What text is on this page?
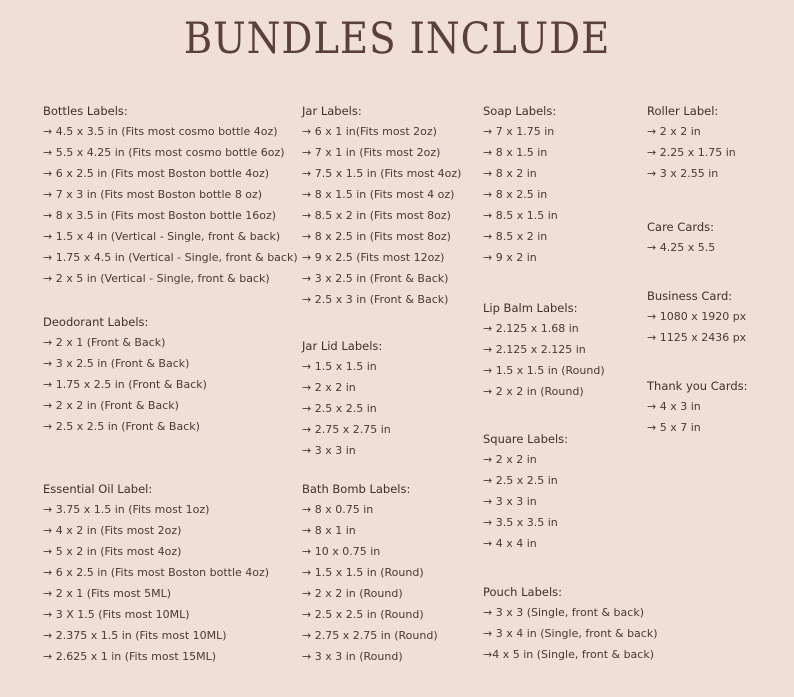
BUNDLES INCLUDE
Bottles Labels:
→ 4.5 x 3.5 in (Fits most cosmo bottle 4oz)
→ 5.5 x 4.25 in (Fits most cosmo bottle 6oz)
→ 6 x 2.5 in (Fits most Boston bottle 4oz)
→ 7 x 3 in (Fits most Boston bottle 8 oz)
→ 8 x 3.5 in (Fits most Boston bottle 16oz)
→ 1.5 x 4 in (Vertical - Single, front & back)
→ 1.75 x 4.5 in (Vertical - Single, front & back)
→ 2 x 5 in (Vertical - Single, front & back)
Deodorant Labels:
→ 2 x 1 (Front & Back)
→ 3 x 2.5 in (Front & Back)
→ 1.75 x 2.5 in (Front & Back)
→ 2 x 2 in (Front & Back)
→ 2.5 x 2.5 in (Front & Back)
Essential Oil Label:
→ 3.75 x 1.5 in (Fits most 1oz)
→ 4 x 2 in (Fits most 2oz)
→ 5 x 2 in (Fits most 4oz)
→ 6 x 2.5 in (Fits most Boston bottle 4oz)
→ 2 x 1 (Fits most 5ML)
→ 3 X 1.5 (Fits most 10ML)
→ 2.375 x 1.5 in (Fits most 10ML)
→ 2.625 x 1 in (Fits most 15ML)
Jar Labels:
→ 6 x 1 in(Fits most 2oz)
→ 7 x 1 in (Fits most 2oz)
→ 7.5 x 1.5 in (Fits most 4oz)
→ 8 x 1.5 in (Fits most 4 oz)
→ 8.5 x 2 in (Fits most 8oz)
→ 8 x 2.5 in (Fits most 8oz)
→ 9 x 2.5 (Fits most 12oz)
→ 3 x 2.5 in (Front & Back)
→ 2.5 x 3 in (Front & Back)
Jar Lid Labels:
→ 1.5 x 1.5 in
→ 2 x 2 in
→ 2.5 x 2.5 in
→ 2.75 x 2.75 in
→ 3 x 3 in
Bath Bomb Labels:
→ 8 x 0.75 in
→ 8 x 1 in
→ 10 x 0.75 in
→ 1.5 x 1.5 in (Round)
→ 2 x 2 in (Round)
→ 2.5 x 2.5 in (Round)
→ 2.75 x 2.75 in (Round)
→ 3 x 3 in (Round)
Soap Labels:
→ 7 x 1.75 in
→ 8 x 1.5 in
→ 8 x 2 in
→ 8 x 2.5 in
→ 8.5 x 1.5 in
→ 8.5 x 2 in
→ 9 x 2 in
Lip Balm Labels:
→ 2.125 x 1.68 in
→ 2.125 x 2.125 in
→ 1.5 x 1.5 in (Round)
→ 2 x 2 in (Round)
Square Labels:
→ 2 x 2 in
→ 2.5 x 2.5 in
→ 3 x 3 in
→ 3.5 x 3.5 in
→ 4 x 4 in
Pouch Labels:
→ 3 x 3 (Single, front & back)
→ 3 x 4 in (Single, front & back)
→4 x 5 in (Single, front & back)
Roller Label:
→ 2 x 2 in
→ 2.25 x 1.75 in
→ 3 x 2.55 in
Care Cards:
→ 4.25 x 5.5
Business Card:
→ 1080 x 1920 px
→ 1125 x 2436 px
Thank you Cards:
→ 4 x 3 in
→ 5 x 7 in
